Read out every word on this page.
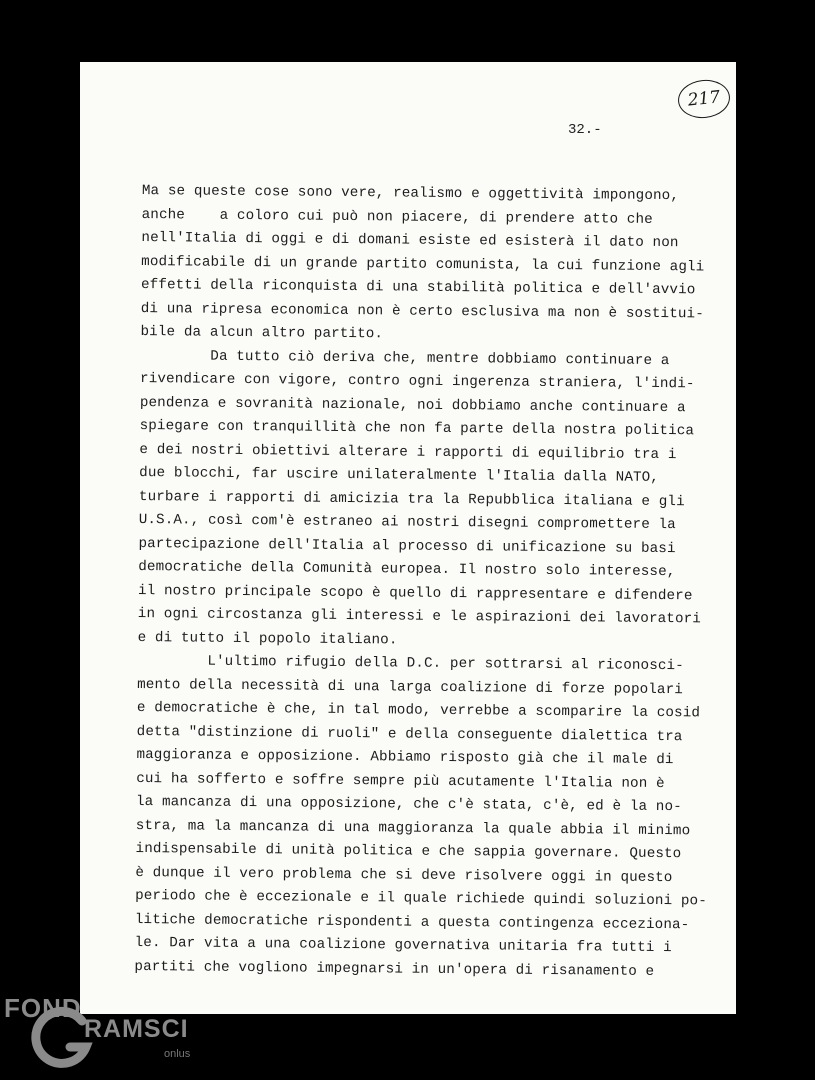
217
32.-
Ma se queste cose sono vere, realismo e oggettività impongono,
anche    a coloro cui può non piacere, di prendere atto che
nell'Italia di oggi e di domani esiste ed esisterà il dato non
modificabile di un grande partito comunista, la cui funzione agli
effetti della riconquista di una stabilità politica e dell'avvio
di una ripresa economica non è certo esclusiva ma non è sostitui-
bile da alcun altro partito.
Da tutto ciò deriva che, mentre dobbiamo continuare a
rivendicare con vigore, contro ogni ingerenza straniera, l'indi-
pendenza e sovranità nazionale, noi dobbiamo anche continuare a
spiegare con tranquillità che non fa parte della nostra politica
e dei nostri obiettivi alterare i rapporti di equilibrio tra i
due blocchi, far uscire unilateralmente l'Italia dalla NATO,
turbare i rapporti di amicizia tra la Repubblica italiana e gli
U.S.A., così com'è estraneo ai nostri disegni compromettere la
partecipazione dell'Italia al processo di unificazione su basi
democratiche della Comunità europea. Il nostro solo interesse,
il nostro principale scopo è quello di rappresentare e difendere
in ogni circostanza gli interessi e le aspirazioni dei lavoratori
e di tutto il popolo italiano.
L'ultimo rifugio della D.C. per sottrarsi al riconosci-
mento della necessità di una larga coalizione di forze popolari
e democratiche è che, in tal modo, verrebbe a scomparire la cosid
detta "distinzione di ruoli" e della conseguente dialettica tra
maggioranza e opposizione. Abbiamo risposto già che il male di
cui ha sofferto e soffre sempre più acutamente l'Italia non è
la mancanza di una opposizione, che c'è stata, c'è, ed è la no-
stra, ma la mancanza di una maggioranza la quale abbia il minimo
indispensabile di unità politica e che sappia governare. Questo
è dunque il vero problema che si deve risolvere oggi in questo
periodo che è eccezionale e il quale richiede quindi soluzioni po-
litiche democratiche rispondenti a questa contingenza eccezionа-
le. Dar vita a una coalizione governativa unitaria fra tutti i
partiti che vogliono impegnarsi in un'opera di risanamento e
FOND
RAMSCI
onlus
